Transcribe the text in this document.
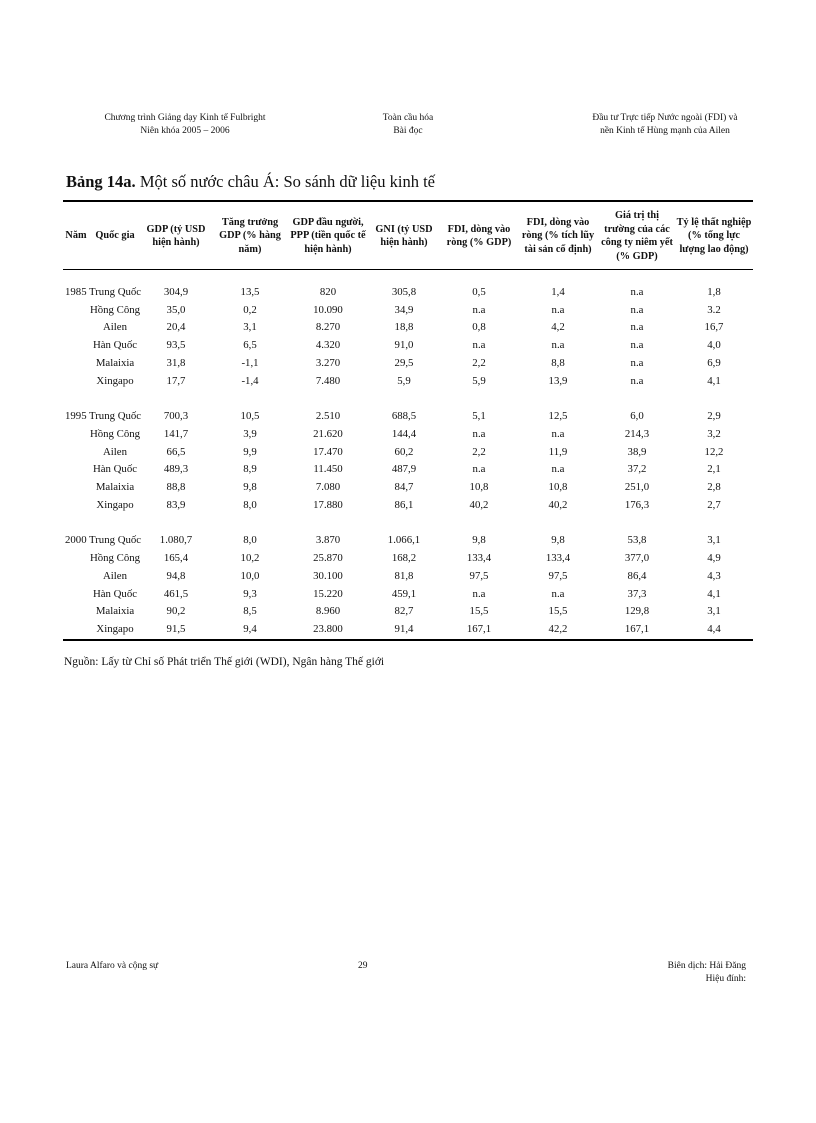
Chương trình Giảng dạy Kinh tế Fulbright
Niên khóa 2005 – 2006
Toàn cầu hóa
Bài đọc
Đầu tư Trực tiếp Nước ngoài (FDI) và
nền Kinh tế Hùng mạnh của Ailen
Bảng 14a. Một số nước châu Á: So sánh dữ liệu kinh tế
Năm	Quốc gia	GDP (tỷ USD hiện hành)	Tăng trưởng GDP (% hàng năm)	GDP đầu người, PPP (tiền quốc tế hiện hành)	GNI (tỷ USD hiện hành)	FDI, dòng vào ròng (% GDP)	FDI, dòng vào ròng (% tích lũy tài sản cố định)	Giá trị thị trường của các công ty niêm yết (% GDP)	Tỷ lệ thất nghiệp (% tổng lực lượng lao động)

1985	Trung Quốc	304,9	13,5	820	305,8	0,5	1,4	n.a	1,8
	Hồng Công	35,0	0,2	10.090	34,9	n.a	n.a	n.a	3.2
	Ailen	20,4	3,1	8.270	18,8	0,8	4,2	n.a	16,7
	Hàn Quốc	93,5	6,5	4.320	91,0	n.a	n.a	n.a	4,0
	Malaixia	31,8	-1,1	3.270	29,5	2,2	8,8	n.a	6,9
	Xingapo	17,7	-1,4	7.480	5,9	5,9	13,9	n.a	4,1

1995	Trung Quốc	700,3	10,5	2.510	688,5	5,1	12,5	6,0	2,9
	Hồng Công	141,7	3,9	21.620	144,4	n.a	n.a	214,3	3,2
	Ailen	66,5	9,9	17.470	60,2	2,2	11,9	38,9	12,2
	Hàn Quốc	489,3	8,9	11.450	487,9	n.a	n.a	37,2	2,1
	Malaixia	88,8	9,8	7.080	84,7	10,8	10,8	251,0	2,8
	Xingapo	83,9	8,0	17.880	86,1	40,2	40,2	176,3	2,7

2000	Trung Quốc	1.080,7	8,0	3.870	1.066,1	9,8	9,8	53,8	3,1
	Hồng Công	165,4	10,2	25.870	168,2	133,4	133,4	377,0	4,9
	Ailen	94,8	10,0	30.100	81,8	97,5	97,5	86,4	4,3
	Hàn Quốc	461,5	9,3	15.220	459,1	n.a	n.a	37,3	4,1
	Malaixia	90,2	8,5	8.960	82,7	15,5	15,5	129,8	3,1
	Xingapo	91,5	9,4	23.800	91,4	167,1	42,2	167,1	4,4
Nguồn: Lấy từ Chỉ số Phát triển Thế giới (WDI), Ngân hàng Thế giới
Laura Alfaro và cộng sự	29	Biên dịch: Hải Đăng
Hiệu đính:
